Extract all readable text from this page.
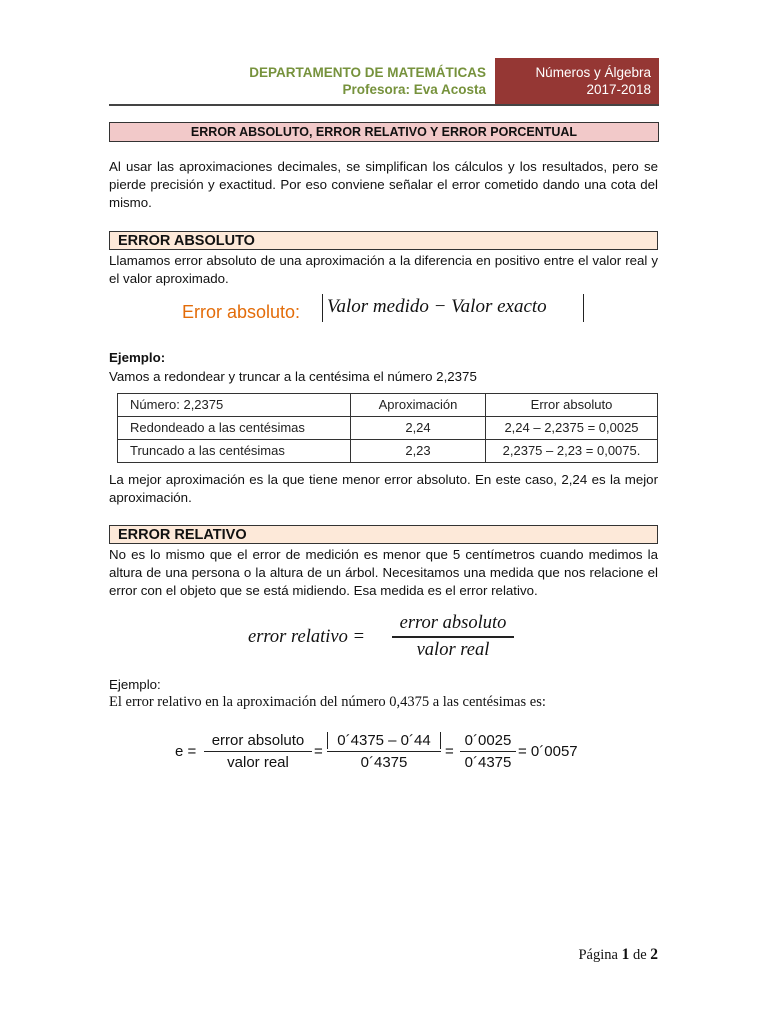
DEPARTAMENTO DE MATEMÁTICAS
Profesora: Eva Acosta
Números y Álgebra
2017-2018
ERROR ABSOLUTO, ERROR RELATIVO Y ERROR PORCENTUAL
Al usar las aproximaciones decimales, se simplifican los cálculos y los resultados, pero se pierde precisión y exactitud. Por eso conviene señalar el error cometido dando una cota del mismo.
ERROR ABSOLUTO
Llamamos error absoluto de una aproximación a la diferencia en positivo entre el valor real y el valor aproximado.
Error absoluto: Valor medido − Valor exacto
Ejemplo:
Vamos a redondear y truncar a la centésima el número 2,2375
Número: 2,2375	Aproximación	Error absoluto
Redondeado a las centésimas	2,24	2,24 – 2,2375 = 0,0025
Truncado a las centésimas	2,23	2,2375 – 2,23 = 0,0075.
La mejor aproximación es la que tiene menor error absoluto. En este caso, 2,24 es la mejor aproximación.
ERROR RELATIVO
No es lo mismo que el error de medición es menor que 5 centímetros cuando medimos la altura de una persona o la altura de un árbol. Necesitamos una medida que nos relacione el error con el objeto que se está midiendo. Esa medida es el error relativo.
error relativo =
error absoluto
valor real
Ejemplo:
El error relativo en la aproximación del número 0,4375 a las centésimas es:
e =
error absoluto
valor real
=
0´4375 – 0´44
0´4375
=
0´0025
0´4375
= 0´0057
Página 1 de 2
